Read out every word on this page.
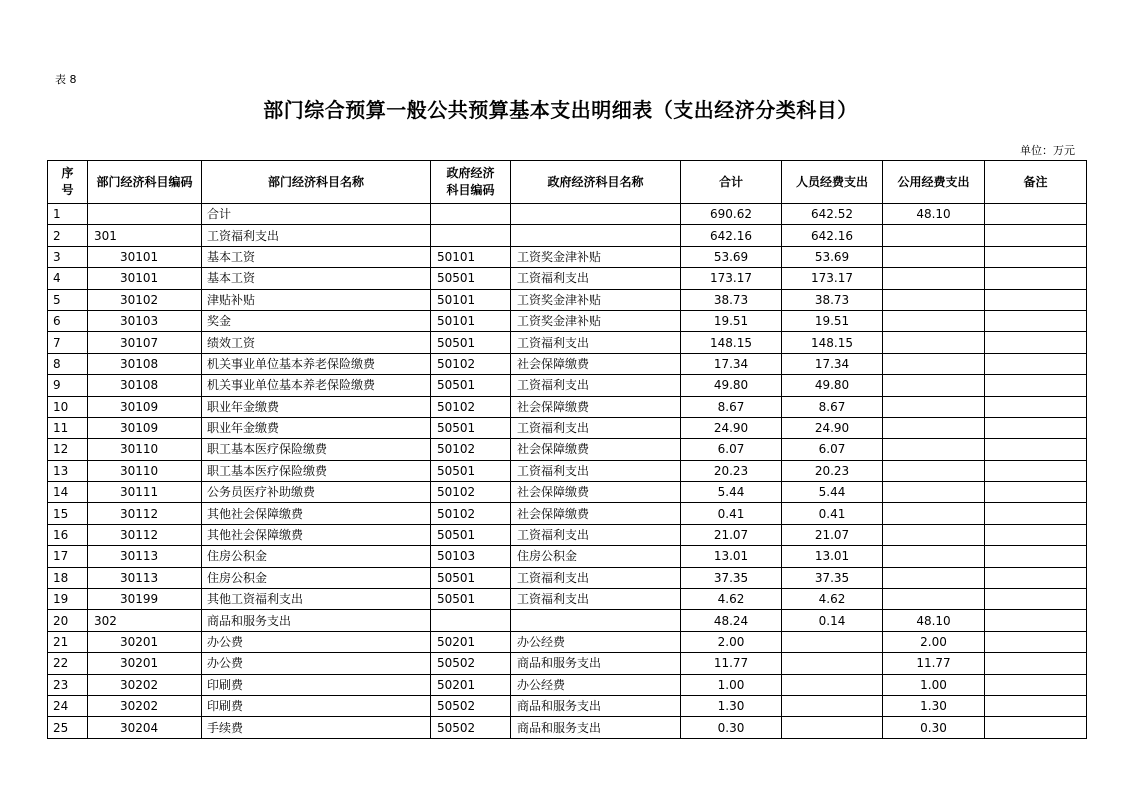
表 8
部门综合预算一般公共预算基本支出明细表（支出经济分类科目）
单位：万元
序号	部门经济科目编码	部门经济科目名称	政府经济科目编码	政府经济科目名称	合计	人员经费支出	公用经费支出	备注
1		合计			690.62	642.52	48.10	
2	301	工资福利支出			642.16	642.16		
3	30101	基本工资	50101	工资奖金津补贴	53.69	53.69		
4	30101	基本工资	50501	工资福利支出	173.17	173.17		
5	30102	津贴补贴	50101	工资奖金津补贴	38.73	38.73		
6	30103	奖金	50101	工资奖金津补贴	19.51	19.51		
7	30107	绩效工资	50501	工资福利支出	148.15	148.15		
8	30108	机关事业单位基本养老保险缴费	50102	社会保障缴费	17.34	17.34		
9	30108	机关事业单位基本养老保险缴费	50501	工资福利支出	49.80	49.80		
10	30109	职业年金缴费	50102	社会保障缴费	8.67	8.67		
11	30109	职业年金缴费	50501	工资福利支出	24.90	24.90		
12	30110	职工基本医疗保险缴费	50102	社会保障缴费	6.07	6.07		
13	30110	职工基本医疗保险缴费	50501	工资福利支出	20.23	20.23		
14	30111	公务员医疗补助缴费	50102	社会保障缴费	5.44	5.44		
15	30112	其他社会保障缴费	50102	社会保障缴费	0.41	0.41		
16	30112	其他社会保障缴费	50501	工资福利支出	21.07	21.07		
17	30113	住房公积金	50103	住房公积金	13.01	13.01		
18	30113	住房公积金	50501	工资福利支出	37.35	37.35		
19	30199	其他工资福利支出	50501	工资福利支出	4.62	4.62		
20	302	商品和服务支出			48.24	0.14	48.10	
21	30201	办公费	50201	办公经费	2.00		2.00	
22	30201	办公费	50502	商品和服务支出	11.77		11.77	
23	30202	印刷费	50201	办公经费	1.00		1.00	
24	30202	印刷费	50502	商品和服务支出	1.30		1.30	
25	30204	手续费	50502	商品和服务支出	0.30		0.30	
